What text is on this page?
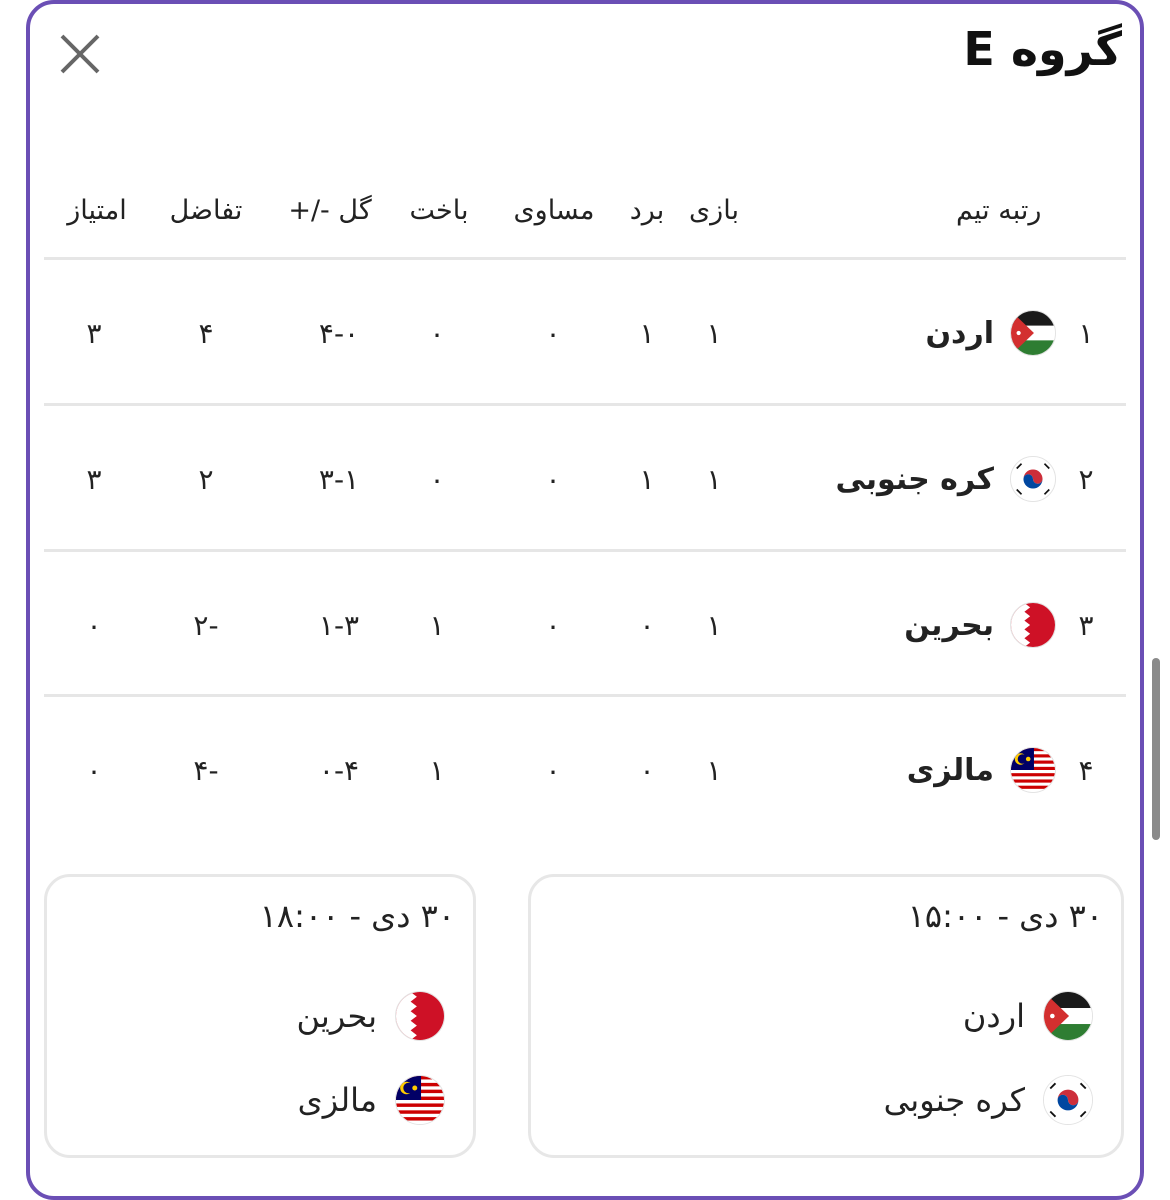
گروه E
رتبه تیم
بازی
برد
مساوی
باخت
گل -/+
تفاضل
امتیاز
۱
اردن
۱
۱
۰
۰
۴-۰
۴
۳
۲
کره جنوبی
۱
۱
۰
۰
۳-۱
۲
۳
۳
بحرین
۱
۰
۰
۱
۱-۳
-۲
۰
۴
مالزی
۱
۰
۰
۱
۰-۴
-۴
۰
۳۰ دی - ۱۵:۰۰
اردن
کره جنوبی
۳۰ دی - ۱۸:۰۰
بحرین
مالزی
